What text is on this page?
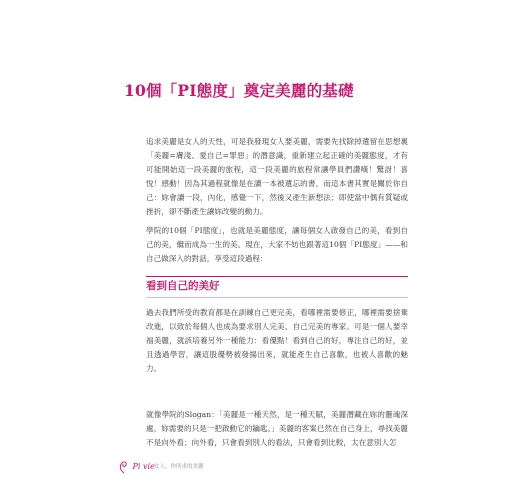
10個「PI態度」奠定美麗的基礎
追求美麗是女人的天性，可是我發現女人要美麗，需要先找除掉遺留在思想裏「美麗=膚淺、愛自己=罪惡」的潛意識，重新建立起正確的美麗態度，才有可能開始這一段美麗的旅程，這一段美麗的旅程常讓學員們讚嘆！驚訝！喜悅！感動！因為其過程就像是在讀一本被遺忘的書，而這本書其實是關於你自己：妳會讀一段，內化，感覺一下，然後又產生新想法；即使當中偶有質疑或挫折，卻不斷產生讓妳改變的動力。
學院的10個「PI態度」，也就是美麗態度，讓每個女人啟發自己的美，看到自己的美，繼而成為一生的美。現在，大家不妨也跟著這10個「PI態度」——和自己做深入的對話，享受這段過程：
看到自己的美好
過去我們所受的教育都是在訓練自己更完美，看哪裡需要修正，哪裡需要捨棄改進，以致於每個人也成為要求別人完美、自己完美的專家。可是一個人要幸福美麗，就該培養另外一種能力：看優點！看到自己的好，專注自己的好，並且透過學習，讓這股優勢被發揚出來，就能產生自己喜歡，也被人喜歡的魅力。
就像學院的Slogan：「美麗是一種天然，是一種天賦，美麗潛藏在妳的靈魂深處，妳需要的只是一把啟動它的鑰匙。」美麗的客案已然在自己身上，尋找美麗不是向外看；向外看，只會看到別人的看法，只會看到比較，太在意別人怎
Pi vie 女人，你所求的美麗
